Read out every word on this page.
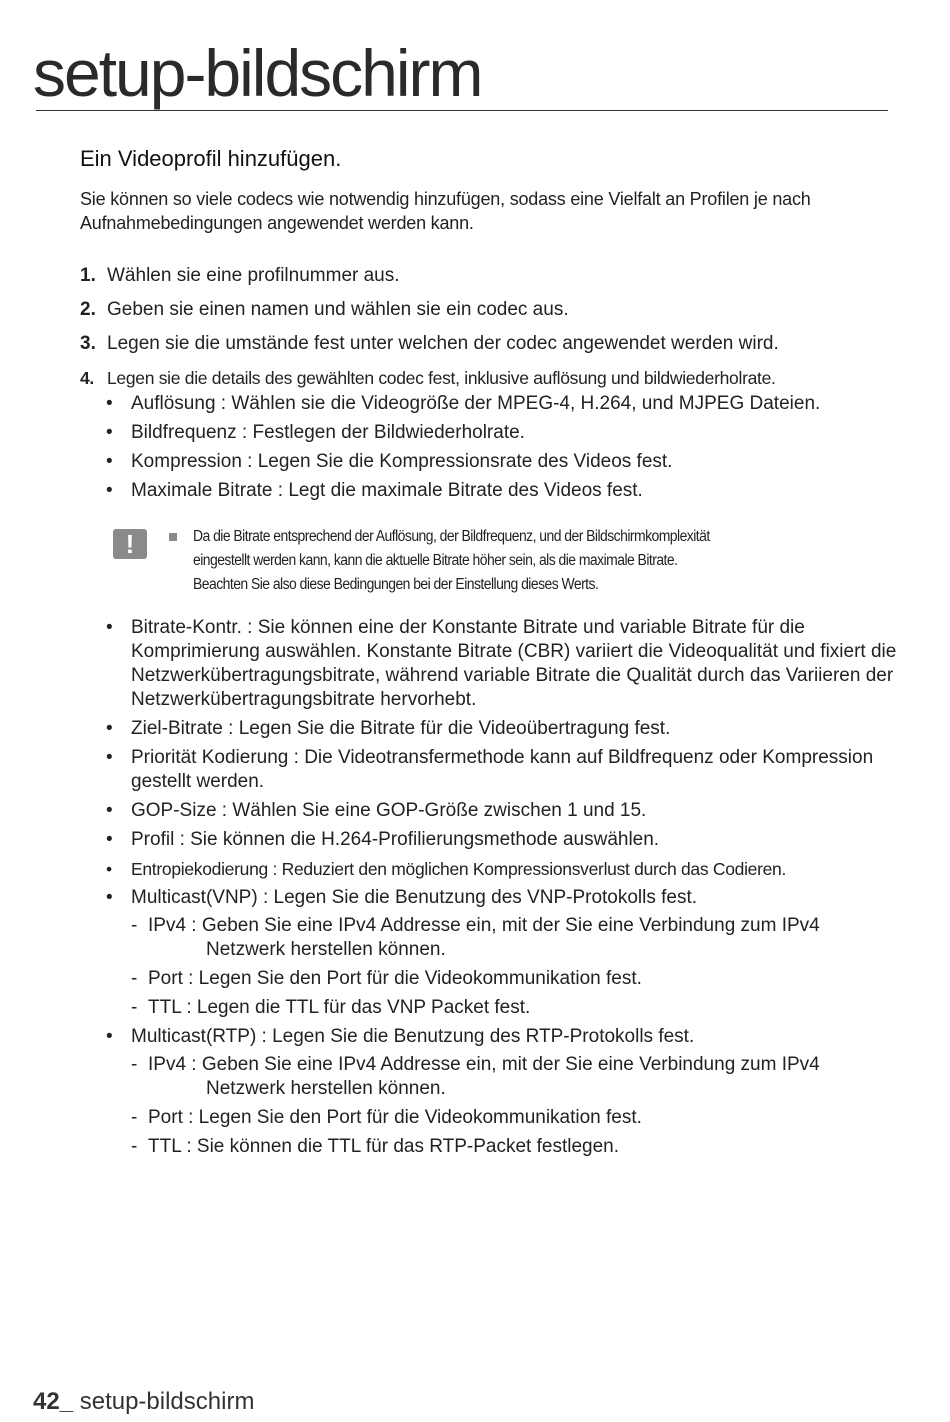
setup-bildschirm
Ein Videoprofil hinzufügen.

Sie können so viele codecs wie notwendig hinzufügen, sodass eine Vielfalt an Profilen je nach Aufnahmebedingungen angewendet werden kann.

1. Wählen sie eine profilnummer aus.
2. Geben sie einen namen und wählen sie ein codec aus.
3. Legen sie die umstände fest unter welchen der codec angewendet werden wird.
4. Legen sie die details des gewählten codec fest, inklusive auflösung und bildwiederholrate.
• Auflösung : Wählen sie die Videogröße der MPEG-4, H.264, und MJPEG Dateien.
• Bildfrequenz : Festlegen der Bildwiederholrate.
• Kompression : Legen Sie die Kompressionsrate des Videos fest.
• Maximale Bitrate : Legt die maximale Bitrate des Videos fest.
!	Da die Bitrate entsprechend der Auflösung, der Bildfrequenz, und der Bildschirmkomplexität
eingestellt werden kann, kann die aktuelle Bitrate höher sein, als die maximale Bitrate.
Beachten Sie also diese Bedingungen bei der Einstellung dieses Werts.

• Bitrate-Kontr. : Sie können eine der Konstante Bitrate und variable Bitrate für die Komprimierung auswählen. Konstante Bitrate (CBR) variiert die Videoqualität und fixiert die Netzwerkübertragungsbitrate, während variable Bitrate die Qualität durch das Variieren der Netzwerkübertragungsbitrate hervorhebt.
• Ziel-Bitrate : Legen Sie die Bitrate für die Videoübertragung fest.
• Priorität Kodierung : Die Videotransfermethode kann auf Bildfrequenz oder Kompression gestellt werden.
• GOP-Size : Wählen Sie eine GOP-Größe zwischen 1 und 15.
• Profil : Sie können die H.264-Profilierungsmethode auswählen.
• Entropiekodierung : Reduziert den möglichen Kompressionsverlust durch das Codieren.
• Multicast(VNP) : Legen Sie die Benutzung des VNP-Protokolls fest.
- IPv4 : Geben Sie eine IPv4 Addresse ein, mit der Sie eine Verbindung zum IPv4
Netzwerk herstellen können.
- Port : Legen Sie den Port für die Videokommunikation fest.
- TTL : Legen die TTL für das VNP Packet fest.
• Multicast(RTP) : Legen Sie die Benutzung des RTP-Protokolls fest.
- IPv4 : Geben Sie eine IPv4 Addresse ein, mit der Sie eine Verbindung zum IPv4
Netzwerk herstellen können.
- Port : Legen Sie den Port für die Videokommunikation fest.
- TTL : Sie können die TTL für das RTP-Packet festlegen.
42_ setup-bildschirm
